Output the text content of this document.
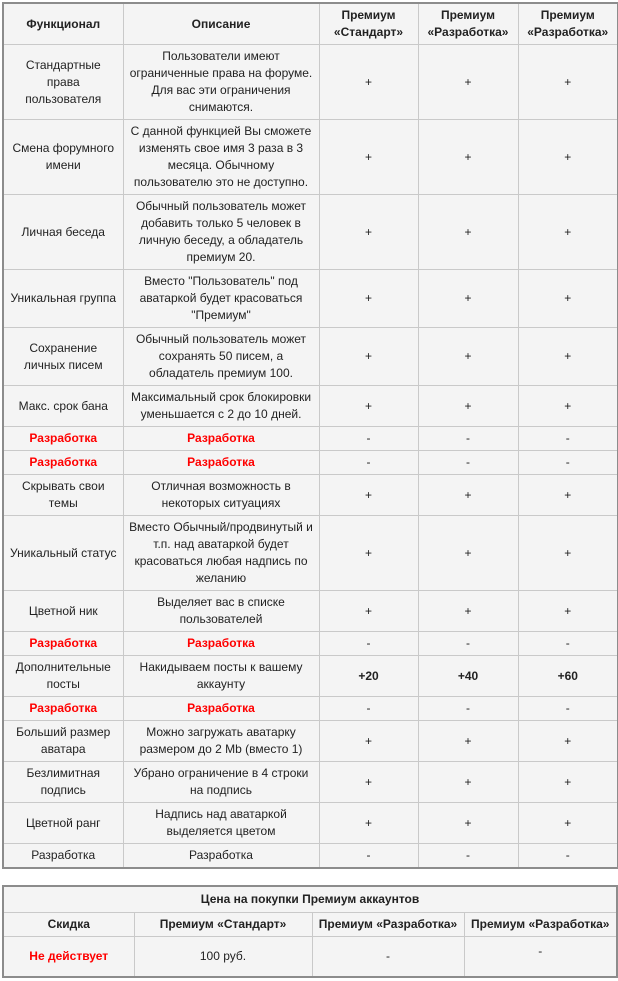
Функционал	Описание	Премиум «Стандарт»	Премиум «Разработка»	Премиум «Разработка»
Стандартные права пользователя	Пользователи имеют ограниченные права на форуме. Для вас эти ограничения снимаются.	+	+	+
Смена форумного имени	С данной функцией Вы сможете изменять свое имя 3 раза в 3 месяца. Обычному пользователю это не доступно.	+	+	+
Личная беседа	Обычный пользователь может добавить только 5 человек в личную беседу, а обладатель премиум 20.	+	+	+
Уникальная группа	Вместо "Пользователь" под аватаркой будет красоваться "Премиум"	+	+	+
Сохранение личных писем	Обычный пользователь может сохранять 50 писем, а обладатель премиум 100.	+	+	+
Макс. срок бана	Максимальный срок блокировки уменьшается с 2 до 10 дней.	+	+	+
Разработка	Разработка	-	-	-
Разработка	Разработка	-	-	-
Скрывать свои темы	Отличная возможность в некоторых ситуациях	+	+	+
Уникальный статус	Вместо Обычный/продвинутый и т.п. над аватаркой будет красоваться любая надпись по желанию	+	+	+
Цветной ник	Выделяет вас в списке пользователей	+	+	+
Разработка	Разработка	-	-	-
Дополнительные посты	Накидываем посты к вашему аккаунту	+20	+40	+60
Разработка	Разработка	-	-	-
Больший размер аватара	Можно загружать аватарку размером до 2 Mb (вместо 1)	+	+	+
Безлимитная подпись	Убрано ограничение в 4 строки на подпись	+	+	+
Цветной ранг	Надпись над аватаркой выделяется цветом	+	+	+
Разработка	Разработка	-	-	-
Цена на покупки Премиум аккаунтов			
Скидка	Премиум «Стандарт»	Премиум «Разработка»	Премиум «Разработка»
Не действует	100 руб.	-	-
